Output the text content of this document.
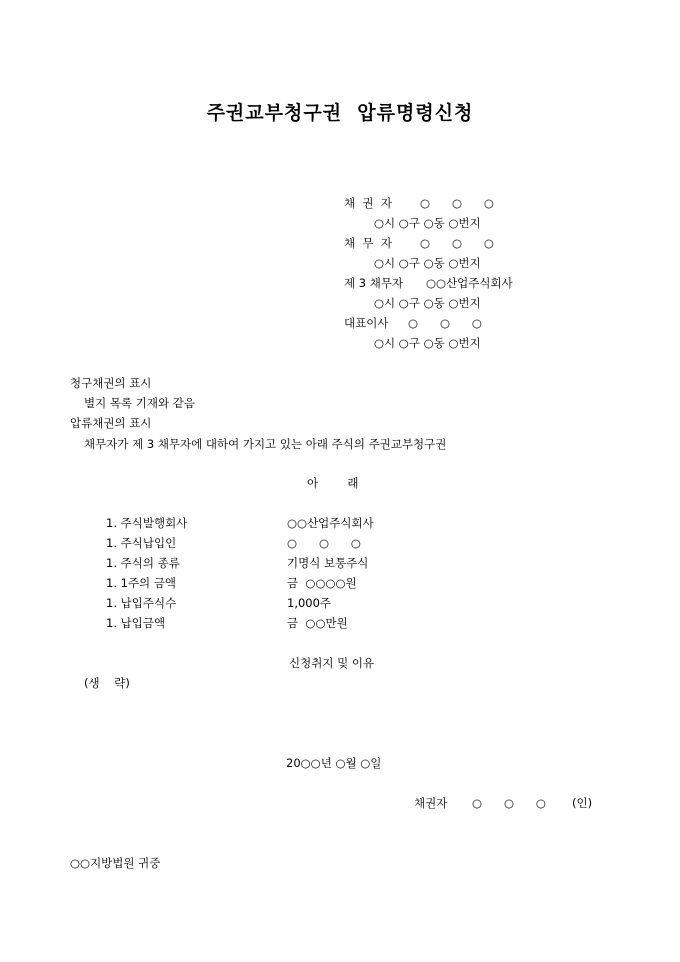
주권교부청구권  압류명령신청
채  권  자 ○      ○      ○
○시 ○구 ○동 ○번지
채  무  자 ○      ○      ○
○시 ○구 ○동 ○번지
제 3 채무자 ○○산업주식회사
○시 ○구 ○동 ○번지
대표이사 ○      ○      ○
○시 ○구 ○동 ○번지
청구채권의 표시
별지 목록 기재와 같음
압류채권의 표시
채무자가 제 3 채무자에 대하여 가지고 있는 아래 주식의 주권교부청구권
아        래
1. 주식발행회사	○○산업주식회사
1. 주식납입인	○      ○      ○
1. 주식의 종류	기명식 보통주식
1. 1주의 금액	금  ○○○○원
1. 납입주식수	1,000주
1. 납입금액	금  ○○만원
신청취지 및 이유
(생    략)
20○○년 ○월 ○일
채권자 ○      ○      ○ (인)
○○지방법원 귀중
